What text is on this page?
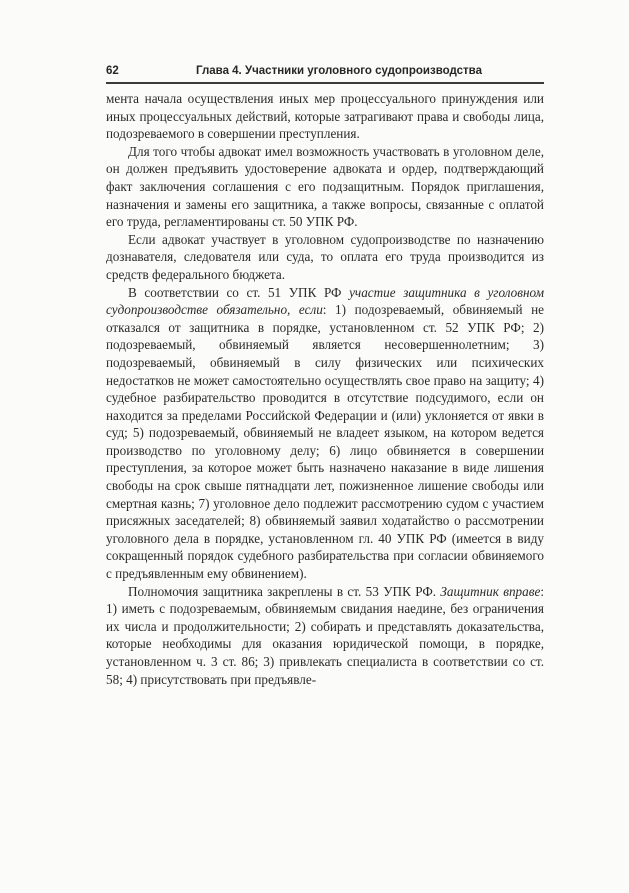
62	Глава 4. Участники уголовного судопроизводства

мента начала осуществления иных мер процессуального принуждения или иных процессуальных действий, которые затрагивают права и свободы лица, подозреваемого в совершении преступления.

Для того чтобы адвокат имел возможность участвовать в уголовном деле, он должен предъявить удостоверение адвоката и ордер, подтверждающий факт заключения соглашения с его подзащитным. Порядок приглашения, назначения и замены его защитника, а также вопросы, связанные с оплатой его труда, регламентированы ст. 50 УПК РФ.

Если адвокат участвует в уголовном судопроизводстве по назначению дознавателя, следователя или суда, то оплата его труда производится из средств федерального бюджета.

В соответствии со ст. 51 УПК РФ участие защитника в уголовном судопроизводстве обязательно, если: 1) подозреваемый, обвиняемый не отказался от защитника в порядке, установленном ст. 52 УПК РФ; 2) подозреваемый, обвиняемый является несовершеннолетним; 3) подозреваемый, обвиняемый в силу физических или психических недостатков не может самостоятельно осуществлять свое право на защиту; 4) судебное разбирательство проводится в отсутствие подсудимого, если он находится за пределами Российской Федерации и (или) уклоняется от явки в суд; 5) подозреваемый, обвиняемый не владеет языком, на котором ведется производство по уголовному делу; 6) лицо обвиняется в совершении преступления, за которое может быть назначено наказание в виде лишения свободы на срок свыше пятнадцати лет, пожизненное лишение свободы или смертная казнь; 7) уголовное дело подлежит рассмотрению судом с участием присяжных заседателей; 8) обвиняемый заявил ходатайство о рассмотрении уголовного дела в порядке, установленном гл. 40 УПК РФ (имеется в виду сокращенный порядок судебного разбирательства при согласии обвиняемого с предъявленным ему обвинением).

Полномочия защитника закреплены в ст. 53 УПК РФ. Защитник вправе: 1) иметь с подозреваемым, обвиняемым свидания наедине, без ограничения их числа и продолжительности; 2) собирать и представлять доказательства, которые необходимы для оказания юридической помощи, в порядке, установленном ч. 3 ст. 86; 3) привлекать специалиста в соответствии со ст. 58; 4) присутствовать при предъявле-
